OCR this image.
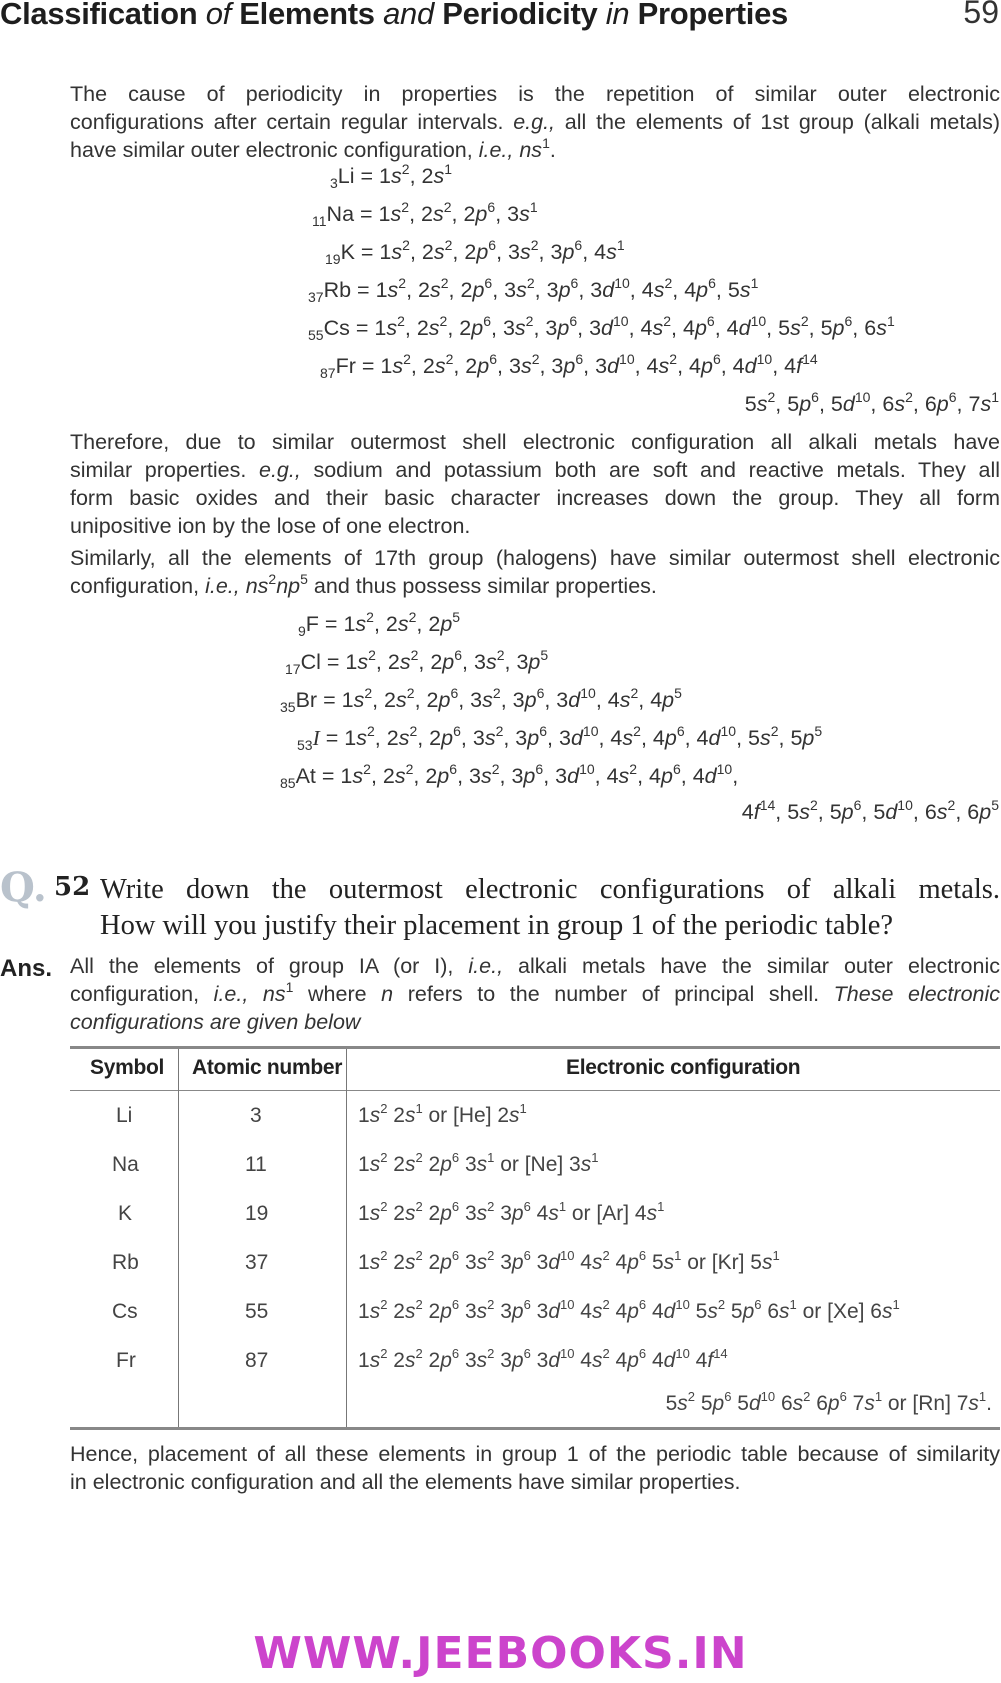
Classification of Elements and Periodicity in Properties	59
The cause of periodicity in properties is the repetition of similar outer electronic
configurations after certain regular intervals. e.g., all the elements of 1st group (alkali metals)
have similar outer electronic configuration, i.e., $ns^1$.
$_3Li = 1s^2$, $2s^1$
$_{11}Na = 1s^2$, $2s^2$, $2p^6$, $3s^1$
$_{19}K = 1s^2$, $2s^2$, $2p^6$, $3s^2$, $3p^6$, $4s^1$
$_{37}Rb = 1s^2$, $2s^2$, $2p^6$, $3s^2$, $3p^6$, $3d^{10}$, $4s^2$, $4p^6$, $5s^1$
$_{55}Cs = 1s^2$, $2s^2$, $2p^6$, $3s^2$, $3p^6$, $3d^{10}$, $4s^2$, $4p^6$, $4d^{10}$, $5s^2$, $5p^6$, $6s^1$
$_{87}Fr = 1s^2$, $2s^2$, $2p^6$, $3s^2$, $3p^6$, $3d^{10}$, $4s^2$, $4p^6$, $4d^{10}$, $4f^{14}$
$5s^2$, $5p^6$, $5d^{10}$, $6s^2$, $6p^6$, $7s^1$
Therefore, due to similar outermost shell electronic configuration all alkali metals have
similar properties. e.g., sodium and potassium both are soft and reactive metals. They all
form basic oxides and their basic character increases down the group. They all form
unipositive ion by the lose of one electron.
Similarly, all the elements of 17th group (halogens) have similar outermost shell electronic
configuration, i.e., $ns^2np^5$ and thus possess similar properties.
$_9F = 1s^2$, $2s^2$, $2p^5$
$_{17}Cl = 1s^2$, $2s^2$, $2p^6$, $3s^2$, $3p^5$
$_{35}Br = 1s^2$, $2s^2$, $2p^6$, $3s^2$, $3p^6$, $3d^{10}$, $4s^2$, $4p^5$
$_{53}I = 1s^2$, $2s^2$, $2p^6$, $3s^2$, $3p^6$, $3d^{10}$, $4s^2$, $4p^6$, $4d^{10}$, $5s^2$, $5p^5$
$_{85}At = 1s^2$, $2s^2$, $2p^6$, $3s^2$, $3p^6$, $3d^{10}$, $4s^2$, $4p^6$, $4d^{10}$,
$4f^{14}$, $5s^2$, $5p^6$, $5d^{10}$, $6s^2$, $6p^5$
Q. 52 Write down the outermost electronic configurations of alkali metals.
How will you justify their placement in group 1 of the periodic table?
Ans. All the elements of group IA (or I), i.e., alkali metals have the similar outer electronic
configuration, i.e., $ns^1$ where n refers to the number of principal shell. These electronic
configurations are given below
Symbol Atomic number	Electronic configuration
Li	3	$1s^2$ $2s^1$ or [He] $2s^1$
Na	11	$1s^2$ $2s^2$ $2p^6$ $3s^1$ or [Ne] $3s^1$
K	19	$1s^2$ $2s^2$ $2p^6$ $3s^2$ $3p^6$ $4s^1$ or [Ar] $4s^1$
Rb	37	$1s^2$ $2s^2$ $2p^6$ $3s^2$ $3p^6$ $3d^{10}$ $4s^2$ $4p^6$ $5s^1$ or [Kr] $5s^1$
Cs	55	$1s^2$ $2s^2$ $2p^6$ $3s^2$ $3p^6$ $3d^{10}$ $4s^2$ $4p^6$ $4d^{10}$ $5s^2$ $5p^6$ $6s^1$ or [Xe] $6s^1$
Fr	87	$1s^2$ $2s^2$ $2p^6$ $3s^2$ $3p^6$ $3d^{10}$ $4s^2$ $4p^6$ $4d^{10}$ $4f^{14}$
$5s^2$ $5p^6$ $5d^{10}$ $6s^2$ $6p^6$ $7s^1$ or [Rn] $7s^1$.
Hence, placement of all these elements in group 1 of the periodic table because of similarity
in electronic configuration and all the elements have similar properties.
WWW.JEEBOOKS.IN
